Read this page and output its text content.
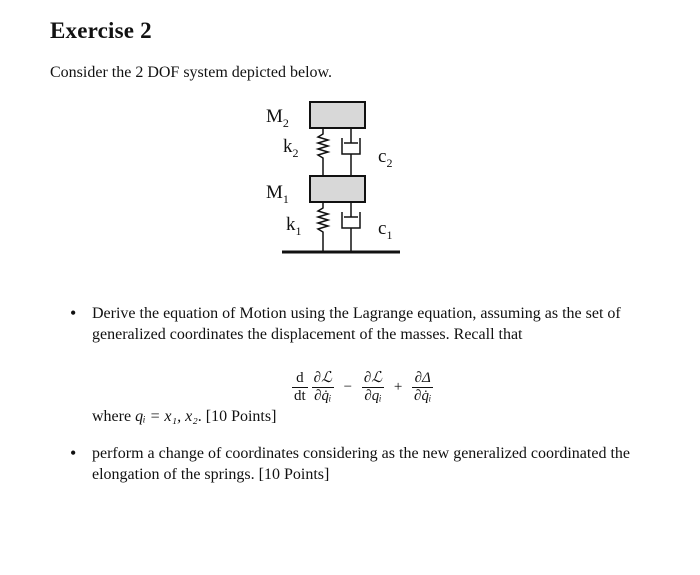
Exercise 2
Consider the 2 DOF system depicted below.
$M_2$
$k_2$	$c_2$
$M_1$
$k_1$	$c_1$
• Derive the equation of Motion using the Lagrange equation, assuming as the set of generalized coordinates the displacement of the masses. Recall that
$\frac{d}{dt} \frac{\text{∂ℒ}}{\text{∂q̇ᵢ}} - \frac{\text{∂ℒ}}{\text{∂qᵢ}} + \frac{\partial\Delta}{\text{∂q̇ᵢ}}$
where qᵢ = x₁, x₂. [10 Points]
• perform a change of coordinates considering as the new generalized coordinated the elongation of the springs. [10 Points]
